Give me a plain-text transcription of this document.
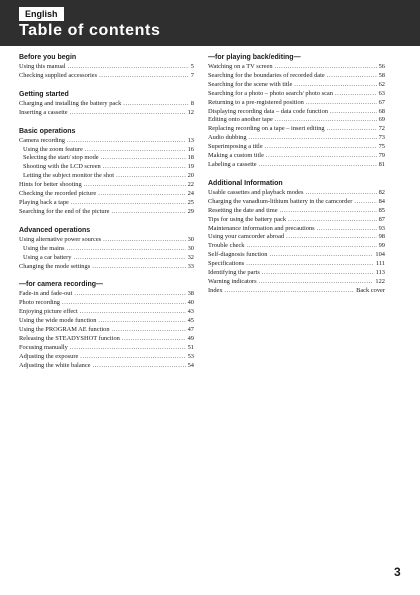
English
Table of contents
Before you begin
Using this manual .....	5
Checking supplied accessories .....	7
Getting started
Charging and installing the battery pack .....	8
Inserting a cassette .....	12
Basic operations
Camera recording .....	13
Using the zoom feature .....	16
Selecting the start/ stop mode .....	18
Shooting with the LCD screen .....	19
Letting the subject monitor the shot .....	20
Hints for better shooting .....	22
Checking the recorded picture .....	24
Playing back a tape .....	25
Searching for the end of the picture .....	29
Advanced operations
Using alternative power sources .....	30
Using the mains .....	30
Using a car battery .....	32
Changing the mode settings .....	33
—for camera recording—
Fade-in and fade-out .....	38
Photo recording .....	40
Enjoying picture effect .....	43
Using the wide mode function .....	45
Using the PROGRAM AE function .....	47
Releasing the STEADYSHOT function .....	49
Focusing manually .....	51
Adjusting the exposure .....	53
Adjusting the white balance .....	54
—for playing back/editing—
Watching on a TV screen .....	56
Searching for the boundaries of recorded date .....	58
Searching for the scene with title .....	62
Searching for a photo – photo search/ photo scan .....	63
Returning to a pre-registered position .....	67
Displaying recording data – data code function .....	68
Editing onto another tape .....	69
Replacing recording on a tape – insert editing .....	72
Audio dubbing .....	73
Superimposing a title .....	75
Making a custom title .....	79
Labeling a cassette .....	81
Additional Information
Usable cassettes and playback modes .....	82
Charging the vanadium-lithium battery in the camcorder .....	84
Resetting the date and time .....	85
Tips for using the battery pack .....	87
Maintenance information and precautions .....	93
Using your camcorder abroad .....	98
Trouble check .....	99
Self-diagnosis function .....	104
Specifications .....	111
Identifying the parts .....	113
Warning indicators .....	122
Index .....	Back cover
3
